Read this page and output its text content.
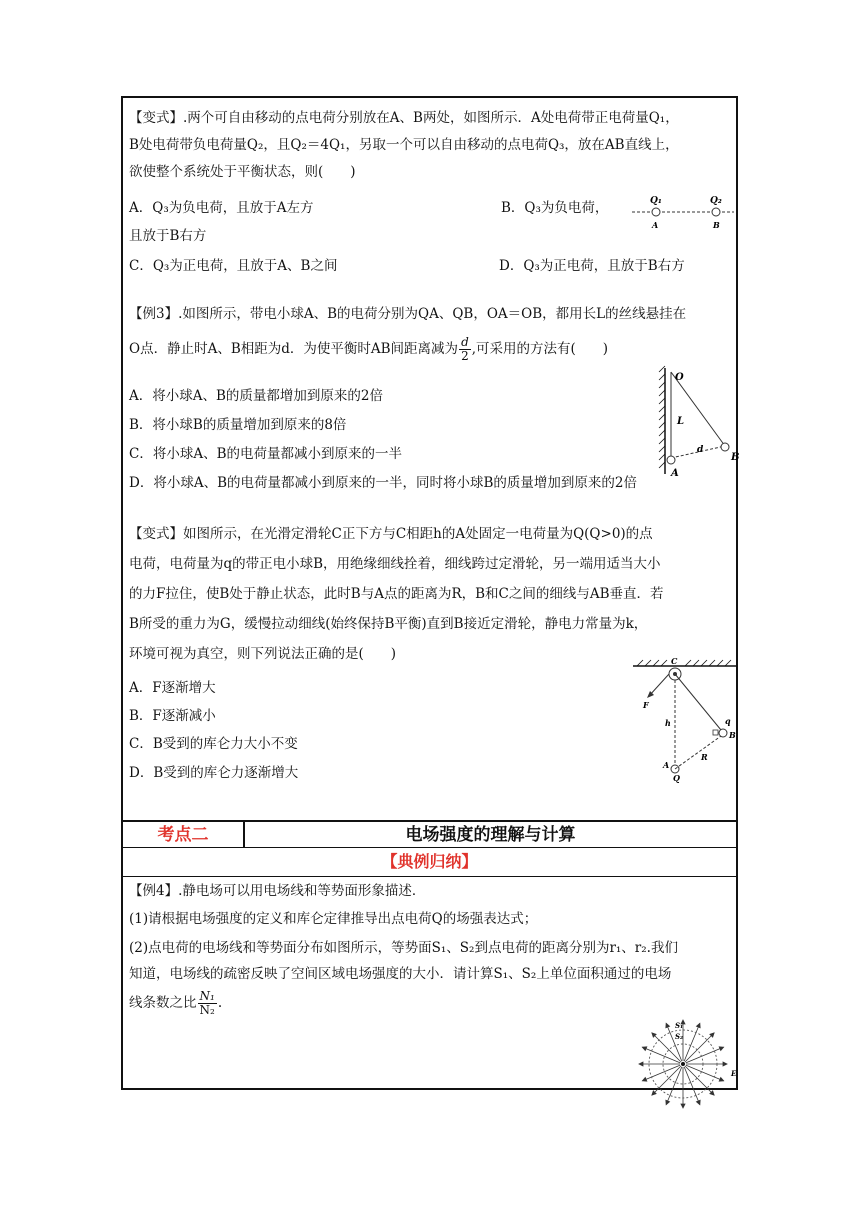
【变式】.两个可自由移动的点电荷分别放在A、B两处，如图所示．A处电荷带正电荷量Q₁，
B处电荷带负电荷量Q₂，且Q₂＝4Q₁，另取一个可以自由移动的点电荷Q₃，放在AB直线上，
欲使整个系统处于平衡状态，则(　　)
A．Q₃为负电荷，且放于A左方	B．Q₃为负电荷，
且放于B右方
C．Q₃为正电荷，且放于A、B之间	D．Q₃为正电荷，且放于B右方
Q₁	Q₂
A	B
【例3】.如图所示，带电小球A、B的电荷分别为QA、QB，OA＝OB，都用长L的丝线悬挂在
O点．静止时A、B相距为d．为使平衡时AB间距离减为 $\frac{d}{2}$ ,可采用的方法有(　　)
A．将小球A、B的质量都增加到原来的2倍
B．将小球B的质量增加到原来的8倍
C．将小球A、B的电荷量都减小到原来的一半
D．将小球A、B的电荷量都减小到原来的一半，同时将小球B的质量增加到原来的2倍
O
L
d
A
B
【变式】如图所示，在光滑定滑轮C正下方与C相距h的A处固定一电荷量为Q(Q>0)的点
电荷，电荷量为q的带正电小球B，用绝缘细线拴着，细线跨过定滑轮，另一端用适当大小
的力F拉住，使B处于静止状态，此时B与A点的距离为R，B和C之间的细线与AB垂直．若
B所受的重力为G，缓慢拉动细线(始终保持B平衡)直到B接近定滑轮，静电力常量为k，
环境可视为真空，则下列说法正确的是(　　)
A．F逐渐增大
B．F逐渐减小
C．B受到的库仑力大小不变
D．B受到的库仑力逐渐增大
C
F
h	q
B
R
A
Q
考点二	电场强度的理解与计算
【典例归纳】
【例4】.静电场可以用电场线和等势面形象描述．
(1)请根据电场强度的定义和库仑定律推导出点电荷Q的场强表达式；
(2)点电荷的电场线和等势面分布如图所示，等势面S₁、S₂到点电荷的距离分别为r₁、r₂.我们
知道，电场线的疏密反映了空间区域电场强度的大小．请计算S₁、S₂上单位面积通过的电场
线条数之比 $\frac{\text{N₁}}{\text{N₂}}$ .
S₁
S₂
E
